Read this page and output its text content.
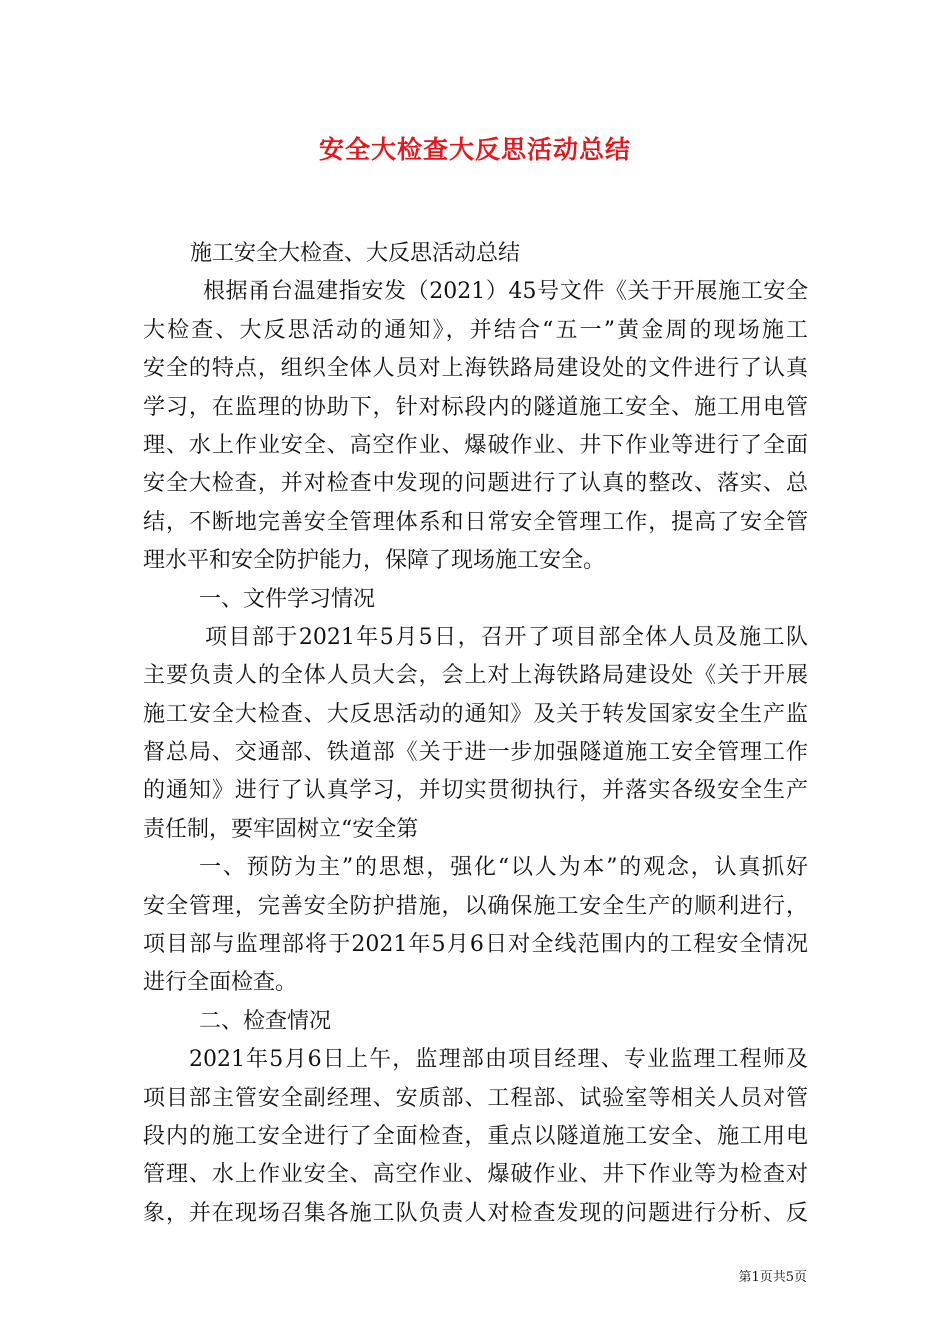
安全大检查大反思活动总结
施工安全大检查、大反思活动总结
根据甬台温建指安发（2021）45号文件《关于开展施工安全
大检查、大反思活动的通知》，并结合“五一”黄金周的现场施工
安全的特点，组织全体人员对上海铁路局建设处的文件进行了认真
学习，在监理的协助下，针对标段内的隧道施工安全、施工用电管
理、水上作业安全、高空作业、爆破作业、井下作业等进行了全面
安全大检查，并对检查中发现的问题进行了认真的整改、落实、总
结，不断地完善安全管理体系和日常安全管理工作，提高了安全管
理水平和安全防护能力，保障了现场施工安全。
一、文件学习情况
项目部于2021年5月5日，召开了项目部全体人员及施工队
主要负责人的全体人员大会，会上对上海铁路局建设处《关于开展
施工安全大检查、大反思活动的通知》及关于转发国家安全生产监
督总局、交通部、铁道部《关于进一步加强隧道施工安全管理工作
的通知》进行了认真学习，并切实贯彻执行，并落实各级安全生产
责任制，要牢固树立“安全第
一、预防为主”的思想，强化“以人为本”的观念，认真抓好
安全管理，完善安全防护措施，以确保施工安全生产的顺利进行，
项目部与监理部将于2021年5月6日对全线范围内的工程安全情况
进行全面检查。
二、检查情况
2021年5月6日上午，监理部由项目经理、专业监理工程师及
项目部主管安全副经理、安质部、工程部、试验室等相关人员对管
段内的施工安全进行了全面检查，重点以隧道施工安全、施工用电
管理、水上作业安全、高空作业、爆破作业、井下作业等为检查对
象，并在现场召集各施工队负责人对检查发现的问题进行分析、反
第1页共5页
